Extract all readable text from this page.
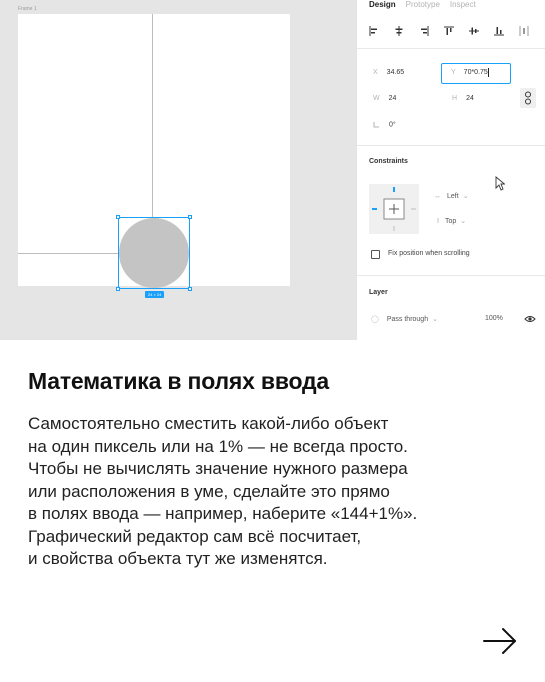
Frame 1
24 × 24
Design Prototype Inspect
X 34.65	Y 70*0.75
W 24	H 24
0°
Constraints
↔ Left ⌄
I Top ⌄
Fix position when scrolling
Layer
◯ Pass through ⌄	100%
Математика в полях ввода
Самостоятельно сместить какой-либо объект
на один пиксель или на 1% — не всегда просто.
Чтобы не вычислять значение нужного размера
или расположения в уме, сделайте это прямо
в полях ввода — например, наберите «144+1%».
Графический редактор сам всё посчитает,
и свойства объекта тут же изменятся.
